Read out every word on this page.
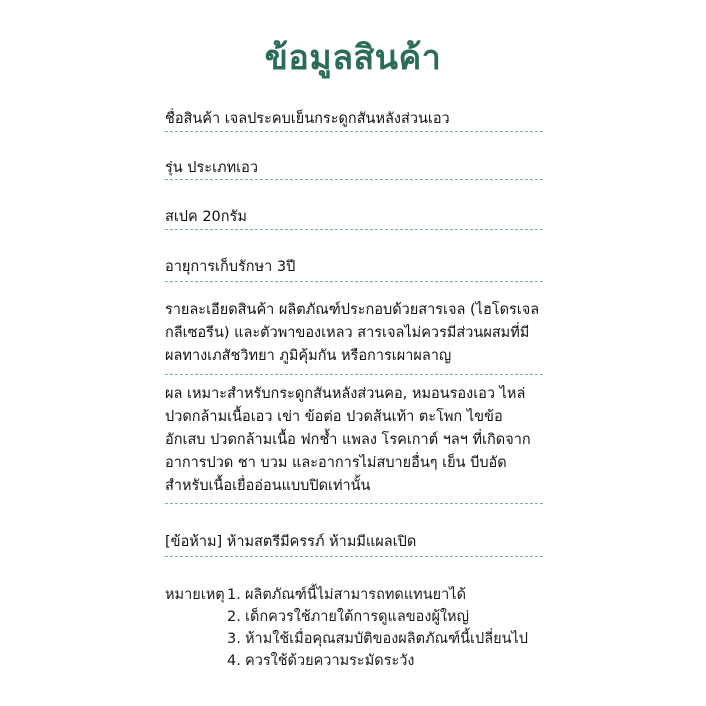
ข้อมูลสินค้า
ชื่อสินค้า เจลประคบเย็นกระดูกสันหลังส่วนเอว
รุ่น ประเภทเอว
สเปค 20กรัม
อายุการเก็บรักษา 3ปี
รายละเอียดสินค้า ผลิตภัณฑ์ประกอบด้วยสารเจล (ไฮโดรเจล กลีเซอรีน) และตัวพาของเหลว สารเจลไม่ควรมีส่วนผสมที่มีผลทางเภสัชวิทยา ภูมิคุ้มกัน หรือการเผาผลาญ
ผล เหมาะสำหรับกระดูกสันหลังส่วนคอ, หมอนรองเอว ไหล่ ปวดกล้ามเนื้อเอว เข่า ข้อต่อ ปวดส้นเท้า ตะโพก ไขข้ออักเสบ ปวดกล้ามเนื้อ ฟกช้ำ แพลง โรคเกาต์ ฯลฯ ที่เกิดจากอาการปวด ชา บวม และอาการไม่สบายอื่นๆ เย็น บีบอัด สำหรับเนื้อเยื่ออ่อนแบบปิดเท่านั้น
[ข้อห้าม] ห้ามสตรีมีครรภ์ ห้ามมีแผลเปิด
หมายเหตุ 1. ผลิตภัณฑ์นี้ไม่สามารถทดแทนยาได้
2. เด็กควรใช้ภายใต้การดูแลของผู้ใหญ่
3. ห้ามใช้เมื่อคุณสมบัติของผลิตภัณฑ์นี้เปลี่ยนไป
4. ควรใช้ด้วยความระมัดระวัง
